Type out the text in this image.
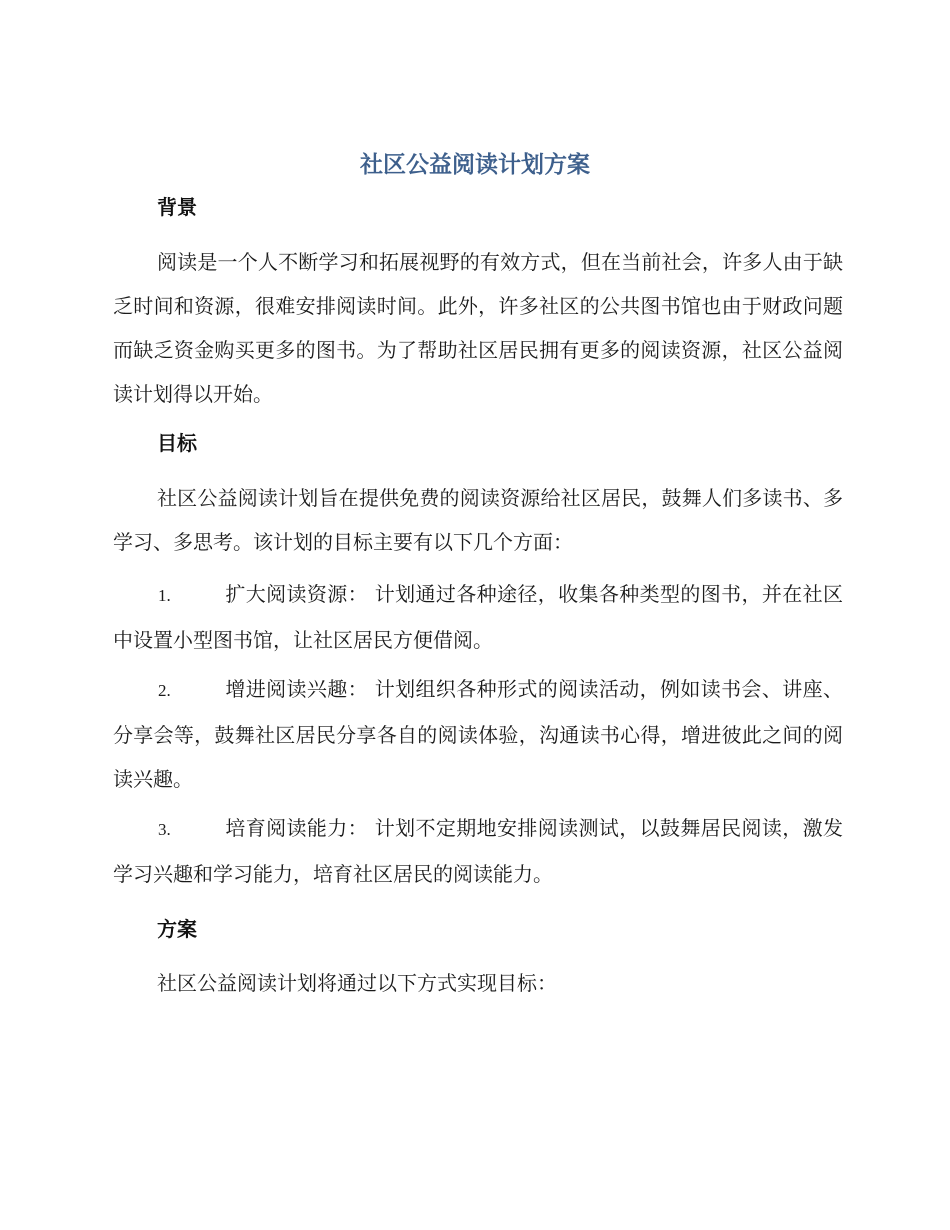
社区公益阅读计划方案
背景

阅读是一个人不断学习和拓展视野的有效方式，但在当前社会，许多人由于缺乏时间和资源，很难安排阅读时间。此外，许多社区的公共图书馆也由于财政问题而缺乏资金购买更多的图书。为了帮助社区居民拥有更多的阅读资源，社区公益阅读计划得以开始。

目标

社区公益阅读计划旨在提供免费的阅读资源给社区居民，鼓舞人们多读书、多学习、多思考。该计划的目标主要有以下几个方面：

1.	扩大阅读资源： 计划通过各种途径，收集各种类型的图书，并在社区中设置小型图书馆，让社区居民方便借阅。

2.	增进阅读兴趣： 计划组织各种形式的阅读活动，例如读书会、讲座、分享会等，鼓舞社区居民分享各自的阅读体验，沟通读书心得，增进彼此之间的阅读兴趣。

3.	培育阅读能力： 计划不定期地安排阅读测试，以鼓舞居民阅读，激发学习兴趣和学习能力，培育社区居民的阅读能力。

方案

社区公益阅读计划将通过以下方式实现目标：
